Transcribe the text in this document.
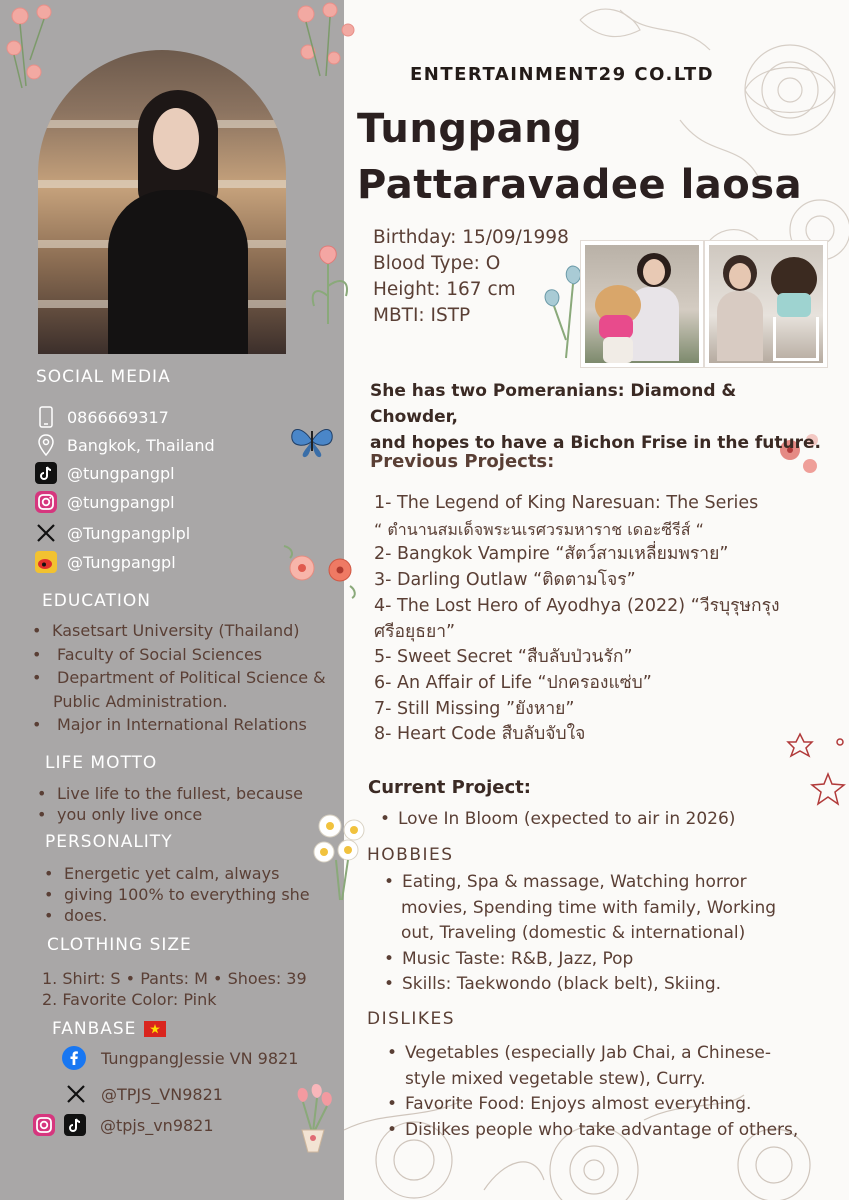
SOCIAL MEDIA
0866669317
Bangkok, Thailand
@tungpangpl
@tungpangpl
@Tungpangplpl
@Tungpangpl
EDUCATION
• Kasetsart University (Thailand)
• Faculty of Social Sciences
• Department of Political Science &
Public Administration.
• Major in International Relations
LIFE MOTTO
• Live life to the fullest, because
• you only live once
PERSONALITY
• Energetic yet calm, always
• giving 100% to everything she
• does.
CLOTHING SIZE
1. Shirt: S • Pants: M • Shoes: 39
2. Favorite Color: Pink
FANBASE
TungpangJessie VN 9821
@TPJS_VN9821
@tpjs_vn9821
ENTERTAINMENT29 CO.LTD
Tungpang
Pattaravadee laosa
Birthday: 15/09/1998
Blood Type: O
Height: 167 cm
MBTI: ISTP
She has two Pomeranians: Diamond & Chowder,
and hopes to have a Bichon Frise in the future.
Previous Projects:
1- The Legend of King Naresuan: The Series
“ ตำนานสมเด็จพระนเรศวรมหาราช เดอะซีรีส์ “
2- Bangkok Vampire “สัตว์สามเหลี่ยมพราย”
3- Darling Outlaw “ติดตามโจร”
4- The Lost Hero of Ayodhya (2022) “วีรบุรุษกรุง
ศรีอยุธยา”
5- Sweet Secret “สืบลับป่วนรัก”
6- An Affair of Life “ปกครองแซ่บ”
7- Still Missing ”ยังหาย”
8- Heart Code สืบลับจับใจ
Current Project:
• Love In Bloom (expected to air in 2026)
HOBBIES
• Eating, Spa & massage, Watching horror
movies, Spending time with family, Working
out, Traveling (domestic & international)
• Music Taste: R&B, Jazz, Pop
• Skills: Taekwondo (black belt), Skiing.
DISLIKES
• Vegetables (especially Jab Chai, a Chinese-
style mixed vegetable stew), Curry.
• Favorite Food: Enjoys almost everything.
• Dislikes people who take advantage of others,
